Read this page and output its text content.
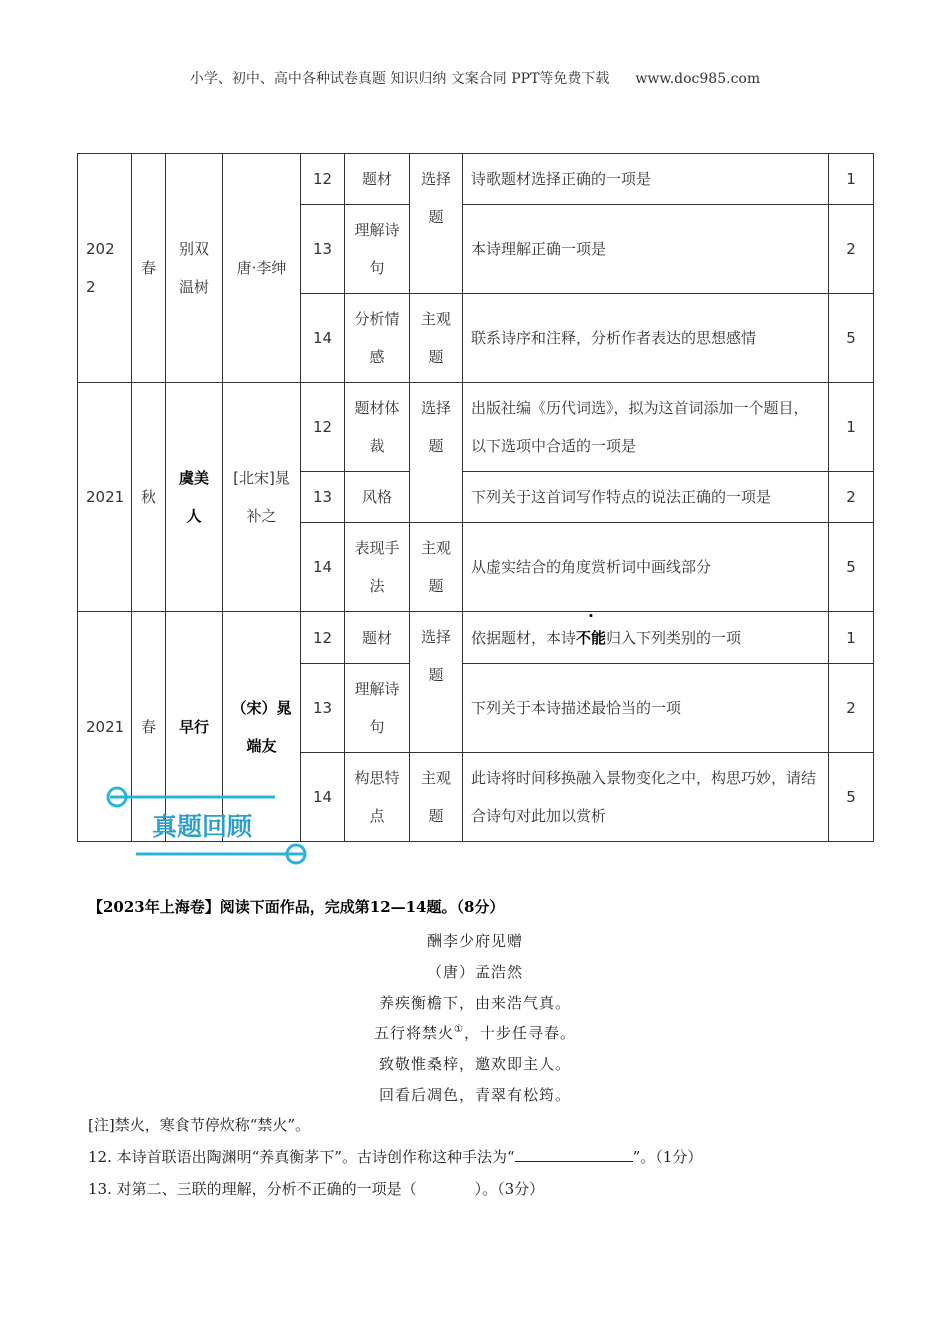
小学、初中、高中各种试卷真题 知识归纳 文案合同 PPT等免费下载 www.doc985.com
2022	春	别双温树	唐·李绅	12	题材	选择题	诗歌题材选择正确的一项是	1
				13	理解诗句		本诗理解正确一项是	2
				14	分析情感	主观题	联系诗序和注释，分析作者表达的思想感情	5
2021	秋	虞美人	[北宋]晁补之	12	题材体裁	选择题	出版社编《历代词选》，拟为这首词添加一个题目，以下选项中合适的一项是	1
				13	风格		下列关于这首词写作特点的说法正确的一项是	2
				14	表现手法	主观题	从虚实结合的角度赏析词中画线部分	5
2021	春	早行	（宋）晁端友	12	题材	选择题	依据题材，本诗不能归入下列类别的一项	1
				13	理解诗句		下列关于本诗描述最恰当的一项	2
				14	构思特点	主观题	此诗将时间移换融入景物变化之中，构思巧妙，请结合诗句对此加以赏析	5
真题回顾
【2023年上海卷】阅读下面作品，完成第12—14题。（8分）
酬李少府见赠
（唐）孟浩然
养疾衡檐下，由来浩气真。
五行将禁火①，十步任寻春。
致敬惟桑梓，邀欢即主人。
回看后凋色，青翠有松筠。
[注]禁火，寒食节停炊称“禁火”。
12. 本诗首联语出陶渊明“养真衡茅下”。古诗创作称这种手法为“	”。（1分）
13. 对第二、三联的理解，分析不正确的一项是（	）。（3分）
